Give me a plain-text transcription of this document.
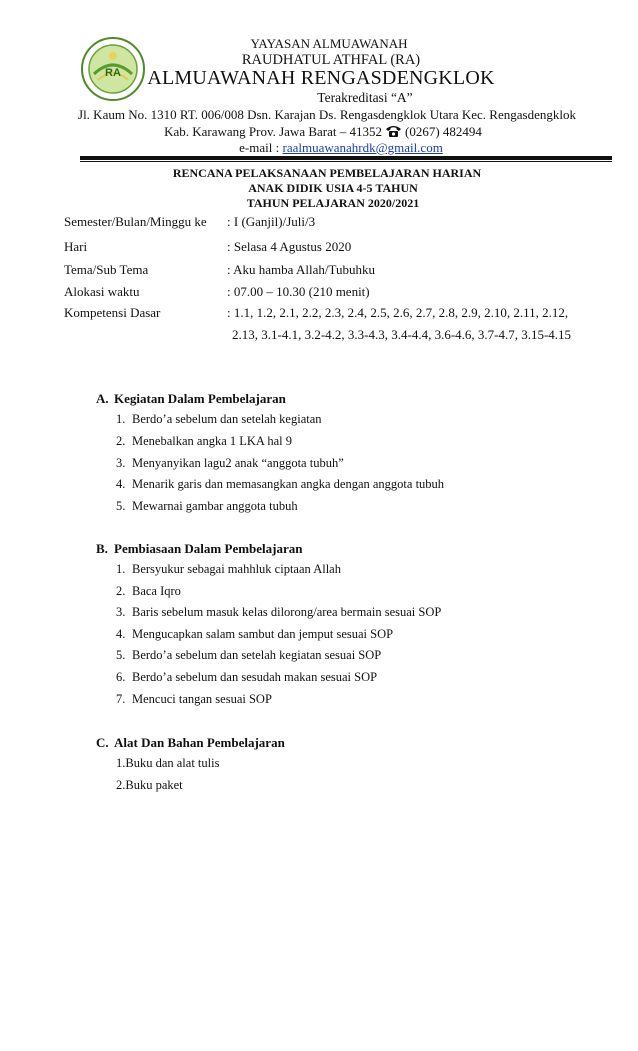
RA
YAYASAN ALMUAWANAH
RAUDHATUL ATHFAL (RA)
ALMUAWANAH RENGASDENGKLOK
Terakreditasi “A”
Jl. Kaum No. 1310 RT. 006/008 Dsn. Karajan Ds. Rengasdengklok Utara Kec. Rengasdengklok
Kab. Karawang Prov. Jawa Barat – 41352 (0267) 482494
e-mail : raalmuawanahrdk@gmail.com
RENCANA PELAKSANAAN PEMBELAJARAN HARIAN
ANAK DIDIK USIA 4-5 TAHUN
TAHUN PELAJARAN 2020/2021
Semester/Bulan/Minggu ke : I (Ganjil)/Juli/3
Hari	: Selasa 4 Agustus 2020
Tema/Sub Tema	: Aku hamba Allah/Tubuhku
Alokasi waktu	: 07.00 – 10.30 (210 menit)
Kompetensi Dasar	: 1.1, 1.2, 2.1, 2.2, 2.3, 2.4, 2.5, 2.6, 2.7, 2.8, 2.9, 2.10, 2.11, 2.12,
2.13, 3.1-4.1, 3.2-4.2, 3.3-4.3, 3.4-4.4, 3.6-4.6, 3.7-4.7, 3.15-4.15
A. Kegiatan Dalam Pembelajaran
1. Berdo’a sebelum dan setelah kegiatan
2. Menebalkan angka 1 LKA hal 9
3. Menyanyikan lagu2 anak “anggota tubuh”
4. Menarik garis dan memasangkan angka dengan anggota tubuh
5. Mewarnai gambar anggota tubuh
B. Pembiasaan Dalam Pembelajaran
1. Bersyukur sebagai mahhluk ciptaan Allah
2. Baca Iqro
3. Baris sebelum masuk kelas dilorong/area bermain sesuai SOP
4. Mengucapkan salam sambut dan jemput sesuai SOP
5. Berdo’a sebelum dan setelah kegiatan sesuai SOP
6. Berdo’a sebelum dan sesudah makan sesuai SOP
7. Mencuci tangan sesuai SOP
C. Alat Dan Bahan Pembelajaran
1.Buku dan alat tulis
2.Buku paket
